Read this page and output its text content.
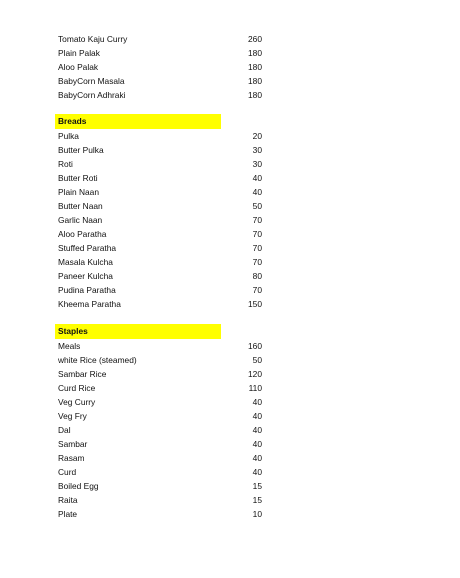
Tomato Kaju Curry	260
Plain Palak	180
Aloo Palak	180
BabyCorn Masala	180
BabyCorn Adhraki	180
Breads
Pulka	20
Butter Pulka	30
Roti	30
Butter Roti	40
Plain Naan	40
Butter Naan	50
Garlic Naan	70
Aloo Paratha	70
Stuffed Paratha	70
Masala Kulcha	70
Paneer Kulcha	80
Pudina Paratha	70
Kheema Paratha	150
Staples
Meals	160
white Rice (steamed)	50
Sambar Rice	120
Curd Rice	110
Veg Curry	40
Veg Fry	40
Dal	40
Sambar	40
Rasam	40
Curd	40
Boiled Egg	15
Raita	15
Plate	10
